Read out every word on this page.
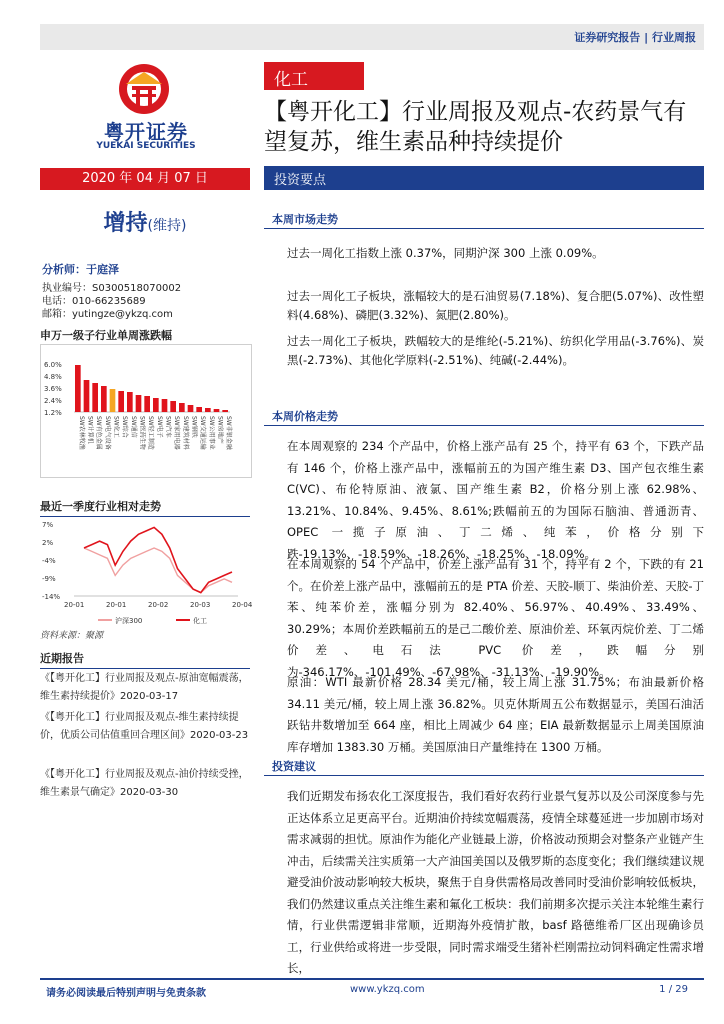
证券研究报告 | 行业周报
粤开证券
YUEKAI SECURITIES
化工
【粤开化工】行业周报及观点-农药景气有望复苏，维生素品种持续提价
2020 年 04 月 07 日	投资要点
增持(维持)
分析师：于庭泽
执业编号：S0300518070002
电话：010-66235689
邮箱：yutingze@ykzq.com
申万一级子行业单周涨跌幅
6.0%
4.8%
3.6%
2.4%
1.2%
SW农林牧渔 SW计算机 SW有色金属 SW电气设备 SW化工 SW综合 SW通信 SW医药生物 SW轻工制造 SW电子 SW汽车 SW家用电器 SW建筑材料 SW钢铁 SW交通运输 SW公用事业 SW房地产 SW非银金融
最近一季度行业相对走势
7%
2%
-4%
-9%
-14%
20-01	20-01	20-02	20-03	20-04
沪深300	化工
资料来源：聚源
近期报告
《【粤开化工】行业周报及观点-原油宽幅震荡，维生素持续提价》2020-03-17
《【粤开化工】行业周报及观点-维生素持续提价，优质公司估值重回合理区间》2020-03-23
《【粤开化工】行业周报及观点-油价持续受挫，维生素景气确定》2020-03-30
本周市场走势
过去一周化工指数上涨 0.37%，同期沪深 300 上涨 0.09%。
过去一周化工子板块，涨幅较大的是石油贸易(7.18%)、复合肥(5.07%)、改性塑料(4.68%)、磷肥(3.32%)、氮肥(2.80%)。
过去一周化工子板块，跌幅较大的是维纶(-5.21%)、纺织化学用品(-3.76%)、炭黑(-2.73%)、其他化学原料(-2.51%)、纯碱(-2.44%)。
本周价格走势
在本周观察的 234 个产品中，价格上涨产品有 25 个，持平有 63 个，下跌产品有 146 个，价格上涨产品中，涨幅前五的为国产维生素 D3、国产包衣维生素 C(VC)、布伦特原油、液氯、国产维生素 B2，价格分别上涨 62.98%、13.21%、10.84%、9.45%、8.61%;跌幅前五的为国际石脑油、普通沥青、OPEC 一揽子原油、丁二烯、纯苯，价格分别下跌-19.13%、-18.59%、-18.26%、-18.25%、-18.09%。
在本周观察的 54 个产品中，价差上涨产品有 31 个，持平有 2 个，下跌的有 21 个。在价差上涨产品中，涨幅前五的是 PTA 价差、天胶-顺丁、柴油价差、天胶-丁苯、纯苯价差，涨幅分别为 82.40%、56.97%、40.49%、33.49%、30.29%；本周价差跌幅前五的是己二酸价差、原油价差、环氧丙烷价差、丁二烯价差、电石法 PVC 价差，跌幅分别为-346.17%、-101.49%、-67.98%、-31.13%、-19.90%。
原油：WTI 最新价格 28.34 美元/桶，较上周上涨 31.75%；布油最新价格 34.11 美元/桶，较上周上涨 36.82%。贝克休斯周五公布数据显示，美国石油活跃钻井数增加至 664 座，相比上周减少 64 座；EIA 最新数据显示上周美国原油库存增加 1383.30 万桶。美国原油日产量维持在 1300 万桶。
投资建议
我们近期发布扬农化工深度报告，我们看好农药行业景气复苏以及公司深度参与先正达体系立足更高平台。近期油价持续宽幅震荡，疫情全球蔓延进一步加剧市场对需求减弱的担忧。原油作为能化产业链最上游，价格波动预期会对整条产业链产生冲击，后续需关注实质第一大产油国美国以及俄罗斯的态度变化；我们继续建议规避受油价波动影响较大板块，聚焦于自身供需格局改善同时受油价影响较低板块，我们仍然建议重点关注维生素和氟化工板块：我们前期多次提示关注本轮维生素行情，行业供需逻辑非常顺，近期海外疫情扩散，basf 路德维希厂区出现确诊员工，行业供给或将进一步受限，同时需求端受生猪补栏刚需拉动饲料确定性需求增长，
请务必阅读最后特别声明与免责条款	www.ykzq.com	1 / 29
